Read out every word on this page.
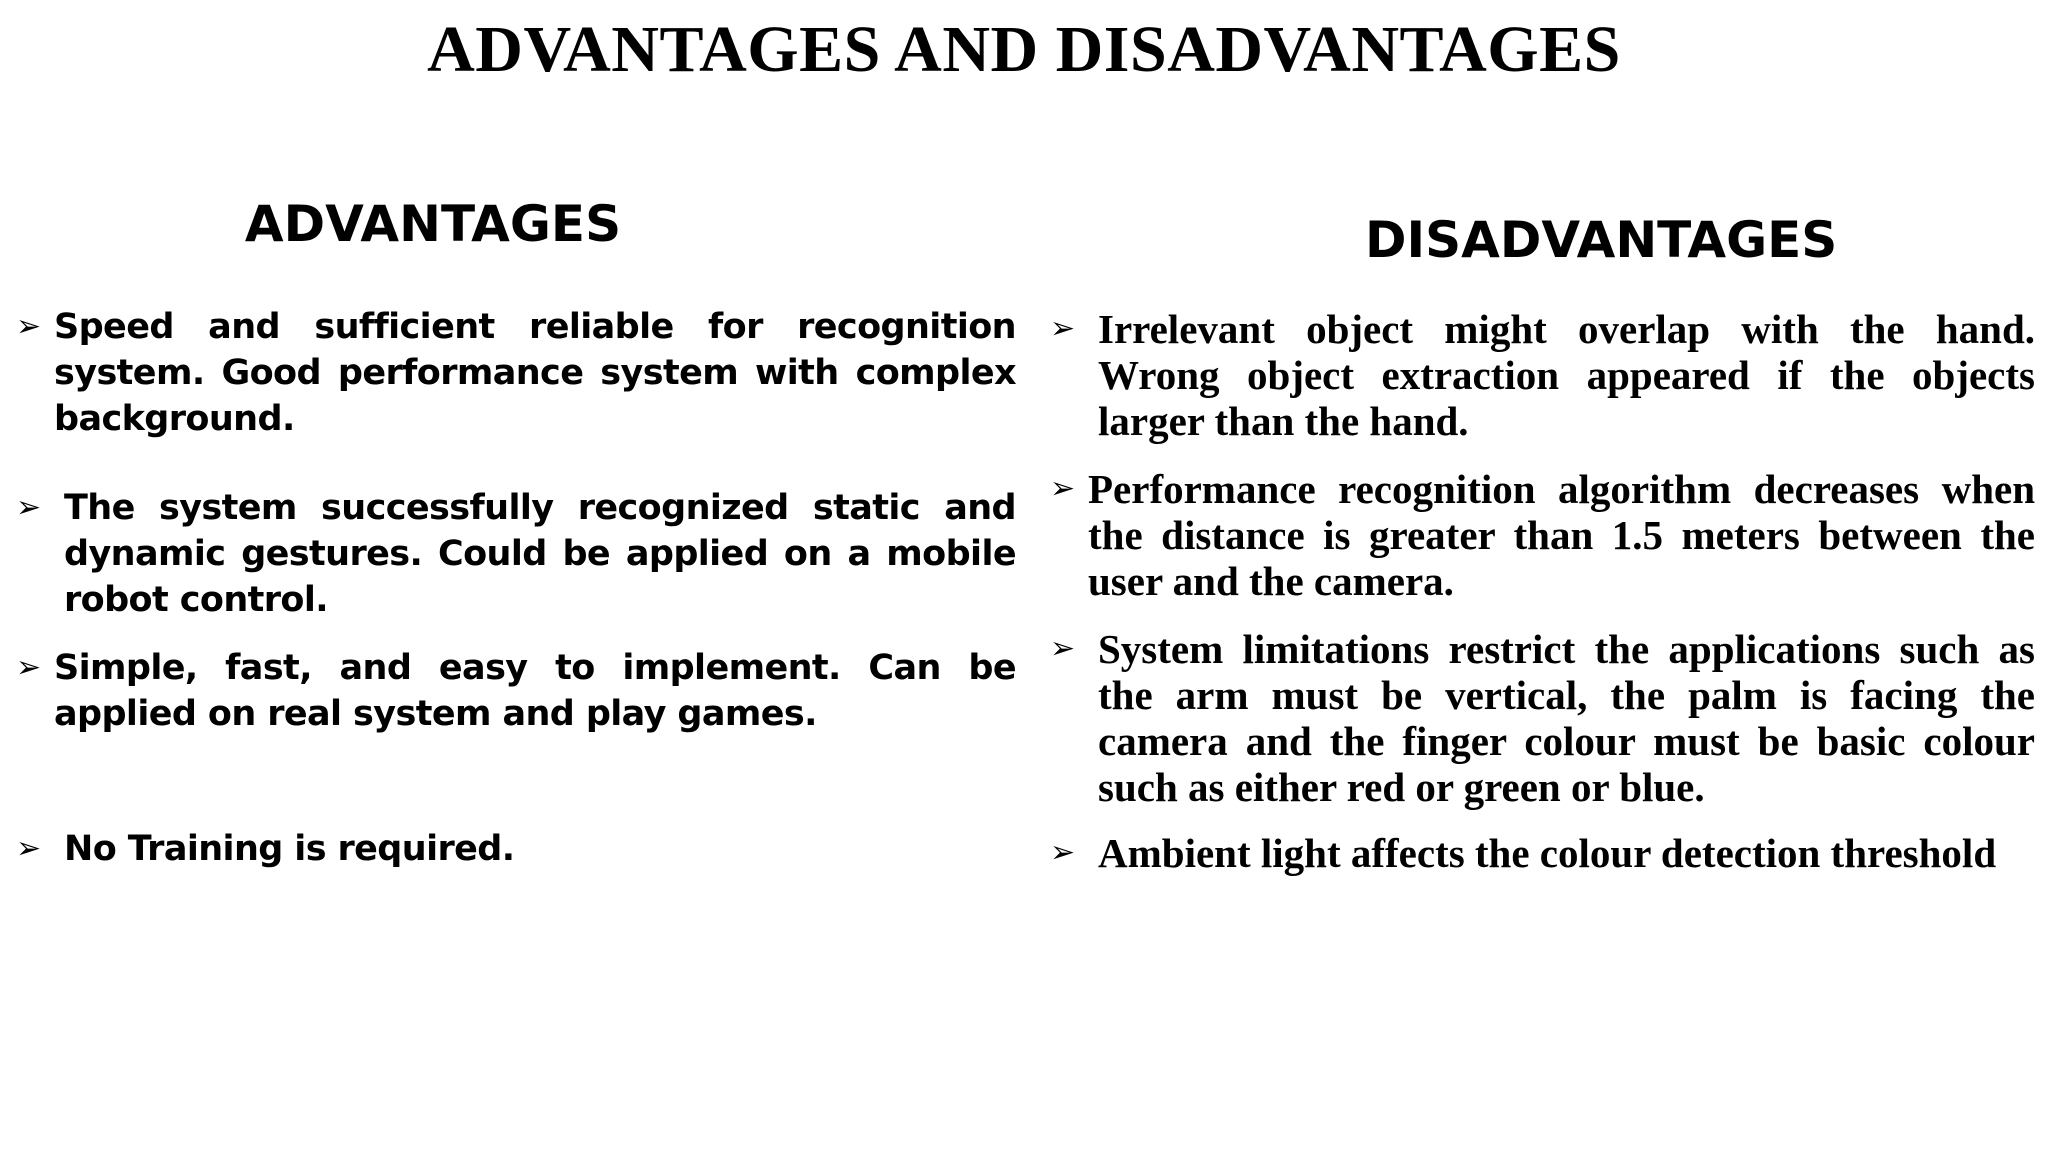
ADVANTAGES AND DISADVANTAGES
ADVANTAGES	DISADVANTAGES
➢ Speed and sufficient reliable for recognition system. Good performance system with complex background.
➢ The system successfully recognized static and dynamic gestures. Could be applied on a mobile robot control.
➢ Simple, fast, and easy to implement. Can be applied on real system and play games.
➢ No Training is required.
➢ Irrelevant object might overlap with the hand. Wrong object extraction appeared if the objects larger than the hand.
➢ Performance recognition algorithm decreases when the distance is greater than 1.5 meters between the user and the camera.
➢ System limitations restrict the applications such as the arm must be vertical, the palm is facing the camera and the finger colour must be basic colour such as either red or green or blue.
➢ Ambient light affects the colour detection threshold
